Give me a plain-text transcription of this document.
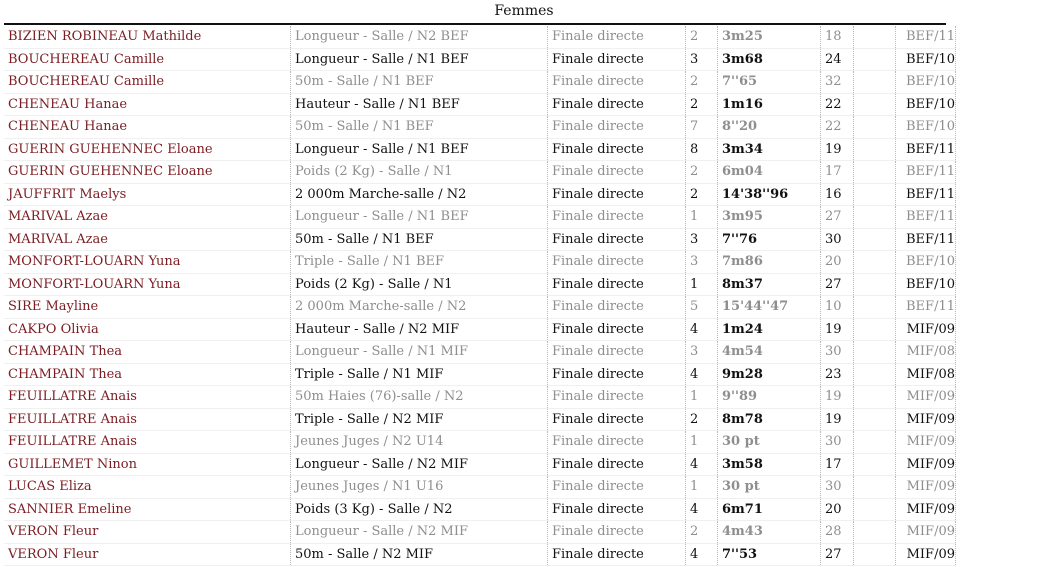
Femmes
BIZIEN ROBINEAU Mathilde	Longueur - Salle / N2 BEF	Finale directe	2	3m25	18		BEF/11
BOUCHEREAU Camille	Longueur - Salle / N1 BEF	Finale directe	3	3m68	24		BEF/10
BOUCHEREAU Camille	50m - Salle / N1 BEF	Finale directe	2	7''65	32		BEF/10
CHENEAU Hanae	Hauteur - Salle / N1 BEF	Finale directe	2	1m16	22		BEF/10
CHENEAU Hanae	50m - Salle / N1 BEF	Finale directe	7	8''20	22		BEF/10
GUERIN GUEHENNEC Eloane	Longueur - Salle / N1 BEF	Finale directe	8	3m34	19		BEF/11
GUERIN GUEHENNEC Eloane	Poids (2 Kg) - Salle / N1	Finale directe	2	6m04	17		BEF/11
JAUFFRIT Maelys	2 000m Marche-salle / N2	Finale directe	2	14'38''96	16		BEF/11
MARIVAL Azae	Longueur - Salle / N1 BEF	Finale directe	1	3m95	27		BEF/11
MARIVAL Azae	50m - Salle / N1 BEF	Finale directe	3	7''76	30		BEF/11
MONFORT-LOUARN Yuna	Triple - Salle / N1 BEF	Finale directe	3	7m86	20		BEF/10
MONFORT-LOUARN Yuna	Poids (2 Kg) - Salle / N1	Finale directe	1	8m37	27		BEF/10
SIRE Mayline	2 000m Marche-salle / N2	Finale directe	5	15'44''47	10		BEF/11
CAKPO Olivia	Hauteur - Salle / N2 MIF	Finale directe	4	1m24	19		MIF/09
CHAMPAIN Thea	Longueur - Salle / N1 MIF	Finale directe	3	4m54	30		MIF/08
CHAMPAIN Thea	Triple - Salle / N1 MIF	Finale directe	4	9m28	23		MIF/08
FEUILLATRE Anais	50m Haies (76)-salle / N2	Finale directe	1	9''89	19		MIF/09
FEUILLATRE Anais	Triple - Salle / N2 MIF	Finale directe	2	8m78	19		MIF/09
FEUILLATRE Anais	Jeunes Juges / N2 U14	Finale directe	1	30 pt	30		MIF/09
GUILLEMET Ninon	Longueur - Salle / N2 MIF	Finale directe	4	3m58	17		MIF/09
LUCAS Eliza	Jeunes Juges / N1 U16	Finale directe	1	30 pt	30		MIF/09
SANNIER Emeline	Poids (3 Kg) - Salle / N2	Finale directe	4	6m71	20		MIF/09
VERON Fleur	Longueur - Salle / N2 MIF	Finale directe	2	4m43	28		MIF/09
VERON Fleur	50m - Salle / N2 MIF	Finale directe	4	7''53	27		MIF/09
